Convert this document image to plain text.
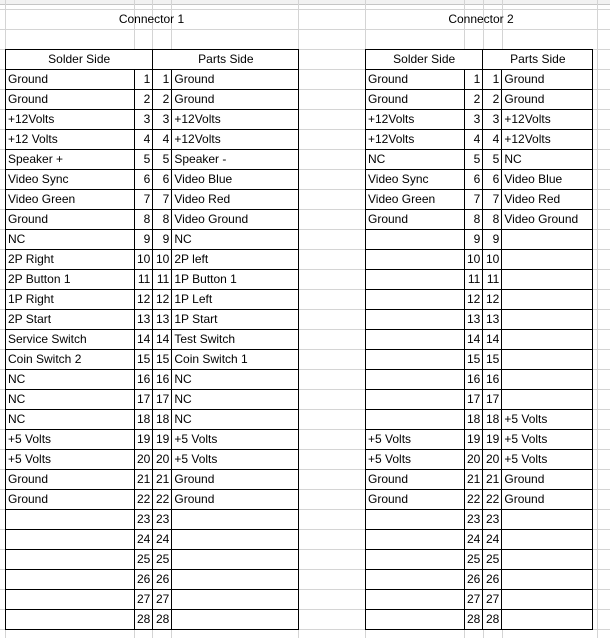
Connector 1	Connector 2
Solder Side		Parts Side	
Ground	1	1	Ground
Ground	2	2	Ground
+12Volts	3	3	+12Volts
+12 Volts	4	4	+12Volts
Speaker +	5	5	Speaker -
Video Sync	6	6	Video Blue
Video Green	7	7	Video Red
Ground	8	8	Video Ground
NC	9	9	NC
2P Right	10	10	2P left
2P Button 1	11	11	1P Button 1
1P Right	12	12	1P Left
2P Start	13	13	1P Start
Service Switch	14	14	Test Switch
Coin Switch 2	15	15	Coin Switch 1
NC	16	16	NC
NC	17	17	NC
NC	18	18	NC
+5 Volts	19	19	+5 Volts
+5 Volts	20	20	+5 Volts
Ground	21	21	Ground
Ground	22	22	Ground
	23	23	
	24	24	
	25	25	
	26	26	
	27	27	
	28	28	
Solder Side		Parts Side	
Ground	1	1	Ground
Ground	2	2	Ground
+12Volts	3	3	+12Volts
+12Volts	4	4	+12Volts
NC	5	5	NC
Video Sync	6	6	Video Blue
Video Green	7	7	Video Red
Ground	8	8	Video Ground
	9	9	
	10	10	
	11	11	
	12	12	
	13	13	
	14	14	
	15	15	
	16	16	
	17	17	
	18	18	+5 Volts
+5 Volts	19	19	+5 Volts
+5 Volts	20	20	+5 Volts
Ground	21	21	Ground
Ground	22	22	Ground
	23	23	
	24	24	
	25	25	
	26	26	
	27	27	
	28	28	
